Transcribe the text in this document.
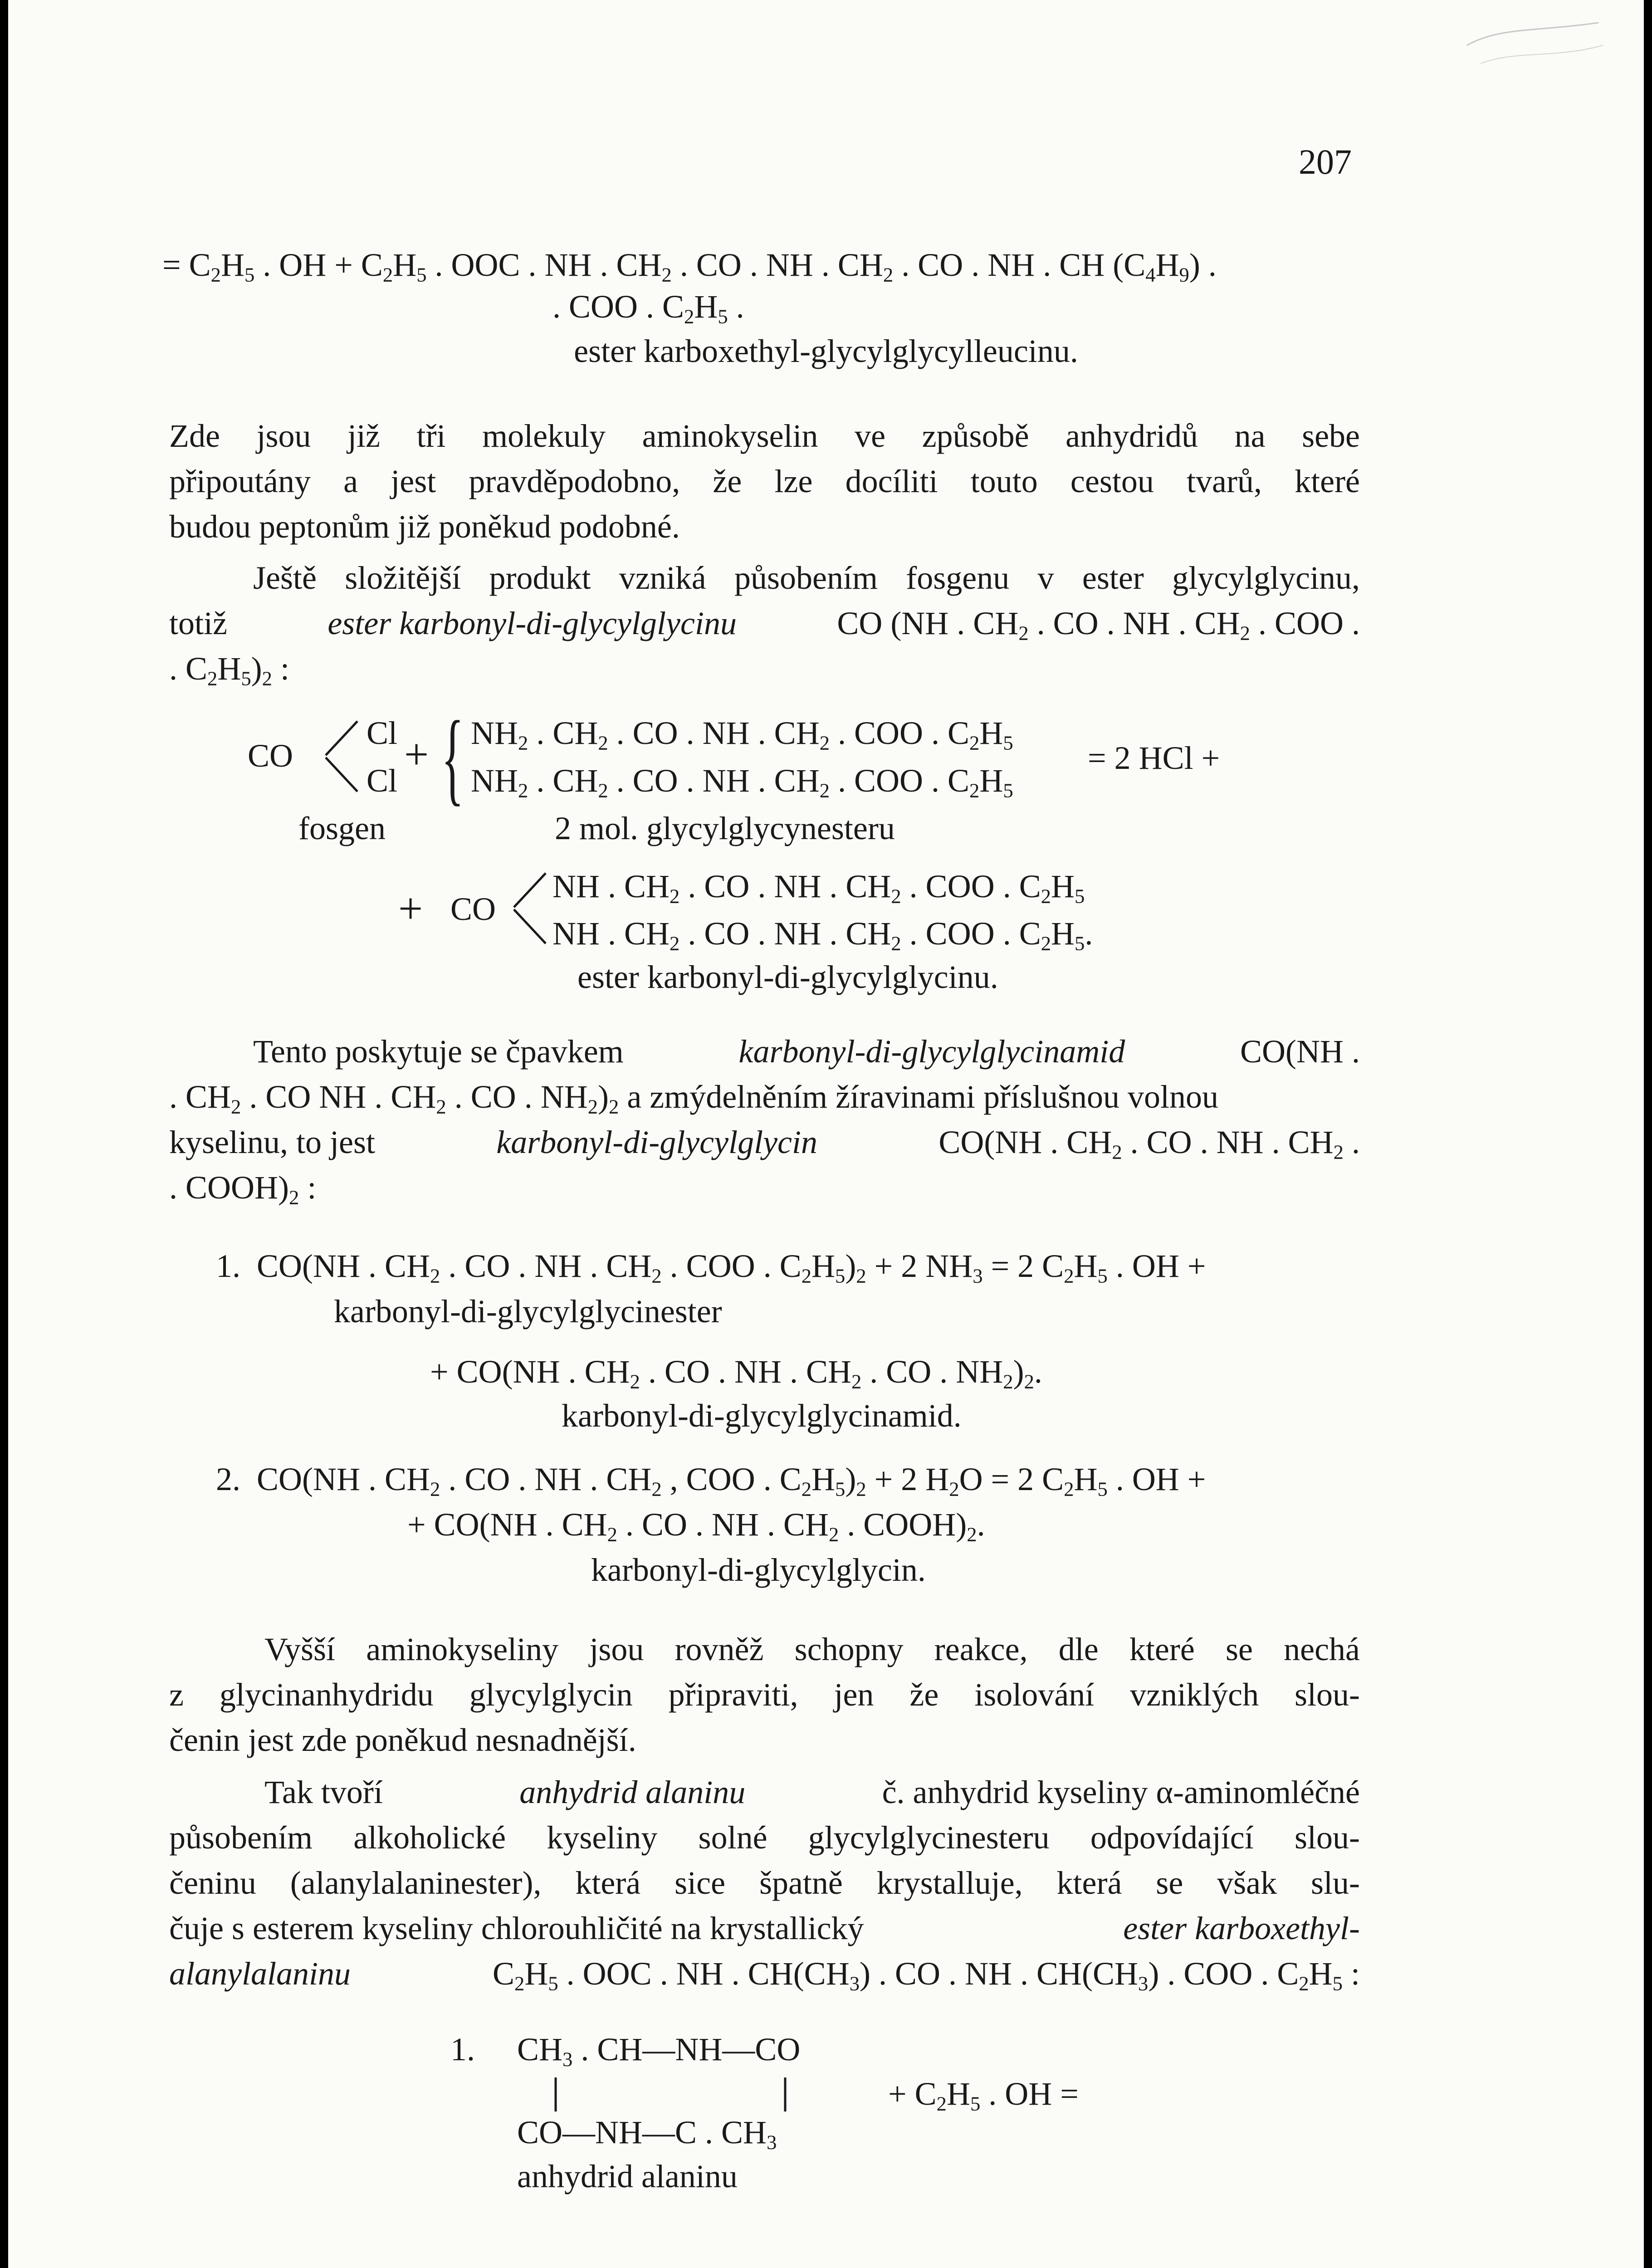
207
= $C_2H_5$ . OH + $C_2H_5$ . OOC . NH . $CH_2$ . CO . NH . $CH_2$ . CO . NH . CH $(C_4H_9)$ .
. COO . $C_2H_5$ .
ester karboxethyl-glycylglycylleucinu.
Zde jsou již tři molekuly aminokyselin ve způsobě anhydridů na sebe
připoutány a jest pravděpodobno, že lze docíliti touto cestou tvarů, které
budou peptonům již poněkud podobné.
Ještě složitější produkt vzniká působením fosgenu v ester glycylglycinu,
totiž	ester karbonyl-di-glycylglycinu	CO (NH . $CH_2$ . CO . NH . $CH_2$ . COO .
. $C_2H_5)_2$ :
CO
Cl
Cl
+ { $NH_2$ . $CH_2$ . CO . NH . $CH_2$ . COO . $C_2H_5$
$NH_2$ . $CH_2$ . CO . NH . $CH_2$ . COO . $C_2H_5$
= 2 HCl +
fosgen	2 mol. glycylglycynesteru
+ CO
NH . $CH_2$ . CO . NH . $CH_2$ . COO . $C_2H_5$
NH . $CH_2$ . CO . NH . $CH_2$ . COO . $C_2H_5$.
ester karbonyl-di-glycylglycinu.
Tento poskytuje se čpavkem	karbonyl-di-glycylglycinamid	CO(NH .
. $CH_2$ . CO NH . $CH_2$ . CO . $NH_2)_2$ a zmýdelněním žíravinami příslušnou volnou
kyselinu, to jest	karbonyl-di-glycylglycin	CO(NH . $CH_2$ . CO . NH . $CH_2$ .
. $COOH)_2$ :
1.  CO(NH . $CH_2$ . CO . NH . $CH_2$ . COO . $C_2H_5)_2 + 2$ $NH_3 = 2$ $C_2H_5$ . OH +
karbonyl-di-glycylglycinester
+ CO(NH . $CH_2$ . CO . NH . $CH_2$ . CO . $NH_2)_2$.
karbonyl-di-glycylglycinamid.
2.  CO(NH . $CH_2$ . CO . NH . $CH_2$ , COO . $C_2H_5)_2 + 2$ $H_2O = 2$ $C_2H_5$ . OH +
+ CO(NH . $CH_2$ . CO . NH . $CH_2$ . $COOH)_2$.
karbonyl-di-glycylglycin.
Vyšší aminokyseliny jsou rovněž schopny reakce, dle které se nechá
z glycinanhydridu glycylglycin připraviti, jen že isolování vzniklých slou-
čenin jest zde poněkud nesnadnější.
Tak tvoří	anhydrid alaninu	č. anhydrid kyseliny α-aminomléčné
působením alkoholické kyseliny solné glycylglycinesteru odpovídající slou-
čeninu (alanylalaninester), která sice špatně krystalluje, která se však slu-
čuje s esterem kyseliny chlorouhličité na krystallický	ester karboxethyl-
alanylalaninu	$C_2H_5$ . OOC . NH . $CH(CH_3)$ . CO . NH . $CH(CH_3)$ . COO . $C_2H_5$ :
1. $CH_3$ . CH—NH—CO
CO—NH—C . $CH_3$
+ $C_2H_5$ . OH =
anhydrid alaninu
